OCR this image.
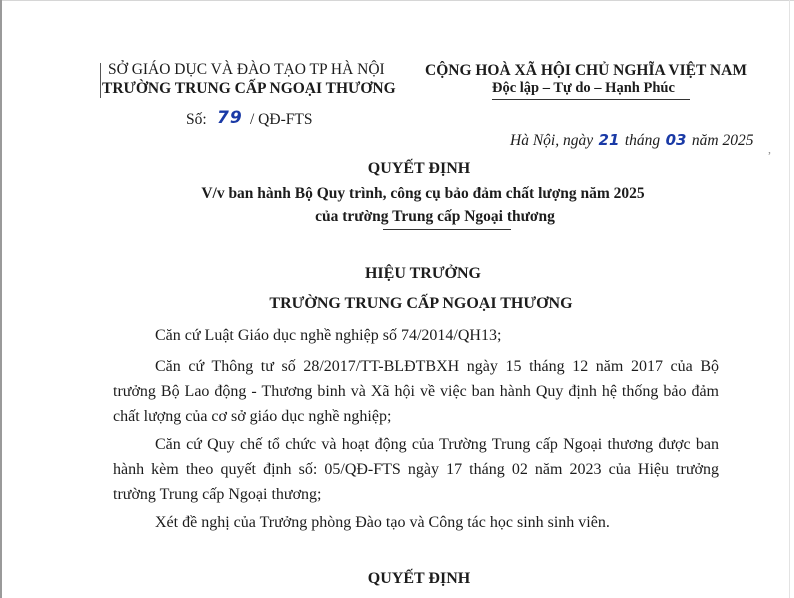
SỞ GIÁO DỤC VÀ ĐÀO TẠO TP HÀ NỘI
TRƯỜNG TRUNG CẤP NGOẠI THƯƠNG
Số: 79 / QĐ-FTS
CỘNG HOÀ XÃ HỘI CHỦ NGHĨA VIỆT NAM
Độc lập – Tự do – Hạnh Phúc
Hà Nội, ngày 21 tháng 03 năm 2025 ,
QUYẾT ĐỊNH
V/v ban hành Bộ Quy trình, công cụ bảo đảm chất lượng năm 2025
của trường Trung cấp Ngoại thương
HIỆU TRƯỞNG
TRƯỜNG TRUNG CẤP NGOẠI THƯƠNG
Căn cứ Luật Giáo dục nghề nghiệp số 74/2014/QH13;
Căn cứ Thông tư số 28/2017/TT-BLĐTBXH ngày 15 tháng 12 năm 2017 của Bộ trưởng Bộ Lao động - Thương binh và Xã hội về việc ban hành Quy định hệ thống bảo đảm chất lượng của cơ sở giáo dục nghề nghiệp;
Căn cứ Quy chế tổ chức và hoạt động của Trường Trung cấp Ngoại thương được ban hành kèm theo quyết định số: 05/QĐ-FTS ngày 17 tháng 02 năm 2023 của Hiệu trưởng trường Trung cấp Ngoại thương;
Xét đề nghị của Trưởng phòng Đào tạo và Công tác học sinh sinh viên.
QUYẾT ĐỊNH
